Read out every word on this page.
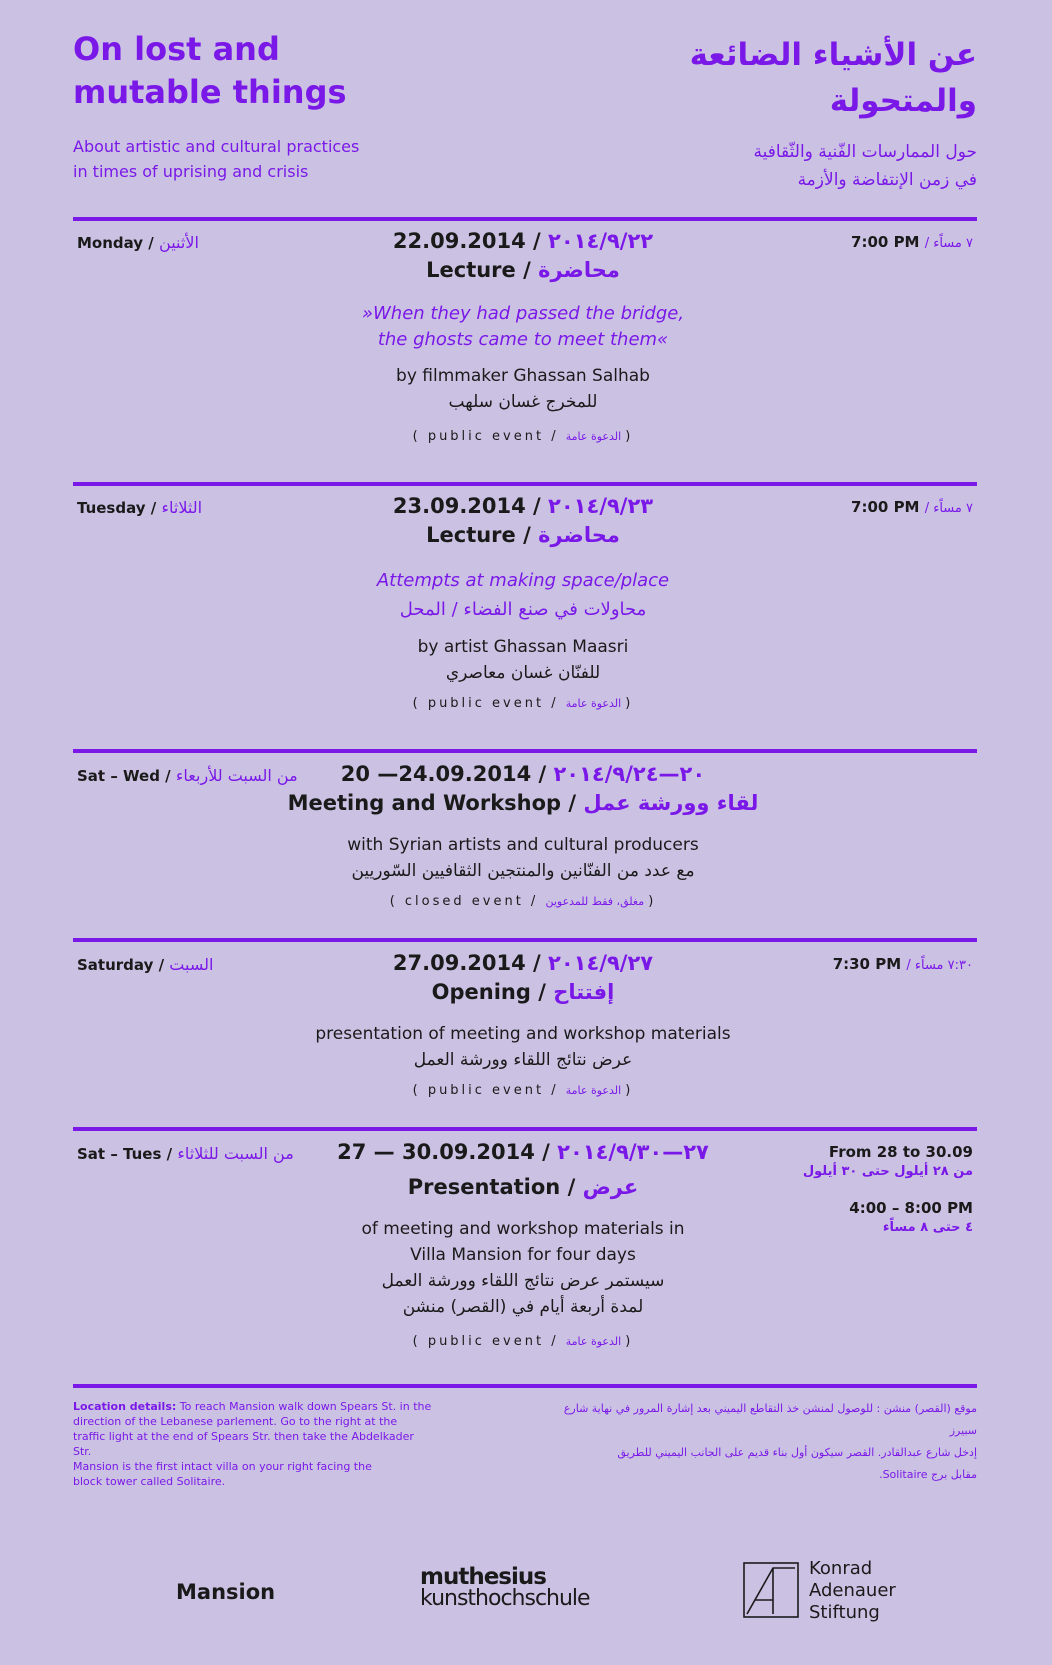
On lost and
mutable things
About artistic and cultural practices
in times of uprising and crisis
عن الأشياء الضائعة
والمتحولة
حول الممارسات الفّنية والثّقافية
في زمن الإنتفاضة والأزمة
Monday / الأثنين	7:00 PM / ٧ مساًء
22.09.2014 / ٢٠١٤/٩/٢٢
Lecture / محاضرة
»When they had passed the bridge,
the ghosts came to meet them«
by filmmaker Ghassan Salhab
للمخرج غسان سلهب
( public event / الدعوة عامة )
Tuesday / الثلاثاء	7:00 PM / ٧ مساًء
23.09.2014 / ٢٠١٤/٩/٢٣
Lecture / محاضرة
Attempts at making space/place
محاولات في صنع الفضاء / المحل
by artist Ghassan Maasri
للفنّان غسان معاصري
( public event / الدعوة عامة )
Sat – Wed / من السبت للأربعاء	20 —24.09.2014 / ٢٠—٢٠١٤/٩/٢٤
Meeting and Workshop / لقاء وورشة عمل
with Syrian artists and cultural producers
مع عدد من الفنّانين والمنتجين الثقافيين السّوريين
( closed event / مغلق، فقط للمدعوين )
Saturday / السبت	7:30 PM / ٧:٣٠ مساًء
27.09.2014 / ٢٠١٤/٩/٢٧
Opening / إفتتاح
presentation of meeting and workshop materials
عرض نتائج اللقاء وورشة العمل
( public event / الدعوة عامة )
Sat – Tues / من السبت للثلاثاء	From 28 to 30.09
من ٢٨ أيلول حتى ٣٠ أيلول
4:00 – 8:00 PM
٤ حتى ٨ مساًء
27 — 30.09.2014 / ٢٧—٢٠١٤/٩/٣٠
Presentation / عرض
of meeting and workshop materials in
Villa Mansion for four days
سيستمر عرض نتائج اللقاء وورشة العمل
لمدة أربعة أيام في (القصر) منشن
( public event / الدعوة عامة )
Location details: To reach Mansion walk down Spears St. in the
direction of the Lebanese parlement. Go to the right at the
traffic light at the end of Spears Str. then take the Abdelkader Str.
Mansion is the first intact villa on your right facing the
block tower called Solitaire.
موقع (القصر) منشن : للوصول لمنشن خذ التقاطع اليميني بعد إشارة المرور في نهاية شارع سبيرز
إدخل شارع عبدالقادر. القصر سيكون أول بناء قديم على الجانب اليميني للطريق
مقابل برج Solitaire.
Mansion
muthesius
kunsthochschule
Konrad
Adenauer
Stiftung
